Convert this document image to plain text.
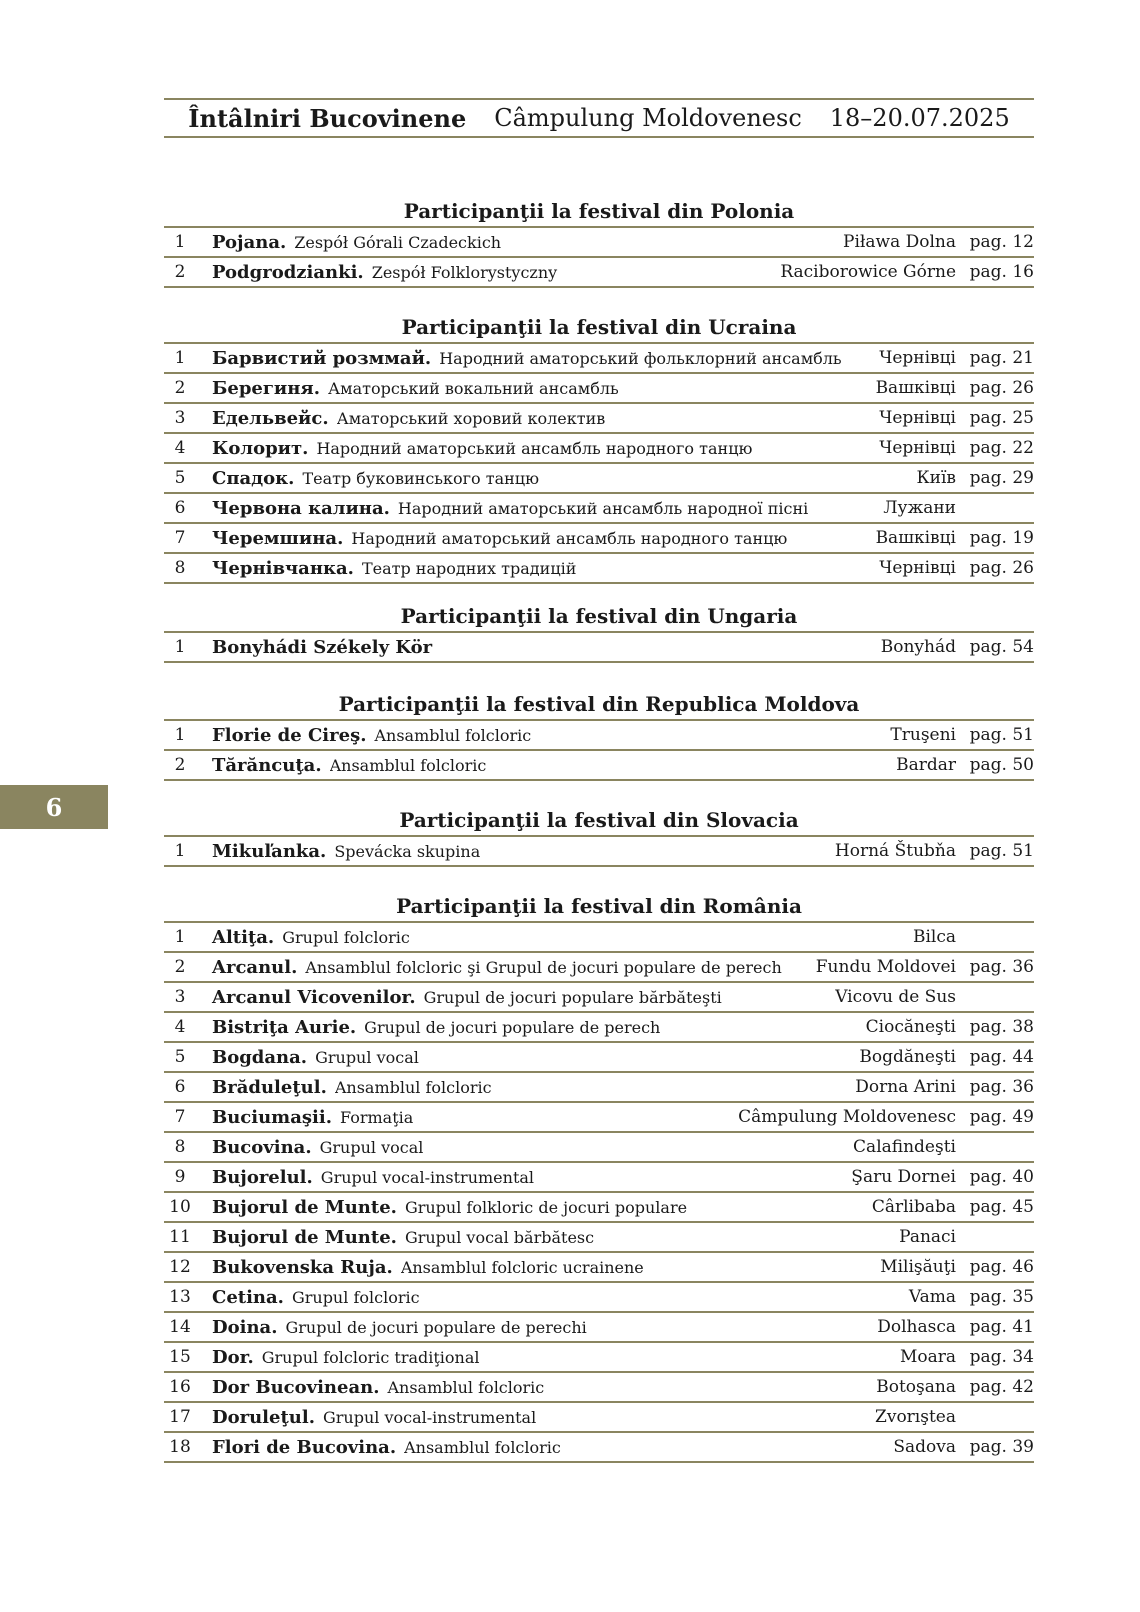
Întâlniri Bucovinene Câmpulung Moldovenesc 18–20.07.2025
6
Participanţii la festival din Polonia
1	Pojana. Zespół Górali Czadeckich	Piława Dolna pag. 12
2	Podgrodzianki. Zespół Folklorystyczny	Raciborowice Górne pag. 16
Participanţii la festival din Ucraina
1	Барвистий розммай. Народний аматорський фольклорний ансамбль	Чернівці pag. 21
2	Берегиня. Аматорський вокальний ансамбль	Вашківці pag. 26
3	Едельвейс. Аматорський хоровий колектив	Чернівці pag. 25
4	Колорит. Народний аматорський ансамбль народного танцю	Чернівці pag. 22
5	Спадок. Театр буковинського танцю	Київ pag. 29
6	Червона калина. Народний аматорський ансамбль народної пісні	Лужани
7	Черемшина. Народний аматорський ансамбль народного танцю	Вашківці pag. 19
8	Чернівчанка. Театр народних традицій	Чернівці pag. 26
Participanţii la festival din Ungaria
1	Bonyhádi Székely Kör	Bonyhád pag. 54
Participanţii la festival din Republica Moldova
1	Florie de Cireş. Ansamblul folcloric	Truşeni pag. 51
2	Tărăncuţa. Ansamblul folcloric	Bardar pag. 50
Participanţii la festival din Slovacia
1	Mikuľanka. Spevácka skupina	Horná Štubňa pag. 51
Participanţii la festival din România
1	Altiţa. Grupul folcloric	Bilca
2	Arcanul. Ansamblul folcloric şi Grupul de jocuri populare de perech	Fundu Moldovei pag. 36
3	Arcanul Vicovenilor. Grupul de jocuri populare bărbăteşti	Vicovu de Sus
4	Bistriţa Aurie. Grupul de jocuri populare de perech	Ciocăneşti pag. 38
5	Bogdana. Grupul vocal	Bogdăneşti pag. 44
6	Brăduleţul. Ansamblul folcloric	Dorna Arini pag. 36
7	Buciumaşii. Formaţia	Câmpulung Moldovenesc pag. 49
8	Bucovina. Grupul vocal	Calafindeşti
9	Bujorelul. Grupul vocal-instrumental	Şaru Dornei pag. 40
10 Bujorul de Munte. Grupul folkloric de jocuri populare	Cârlibaba pag. 45
11 Bujorul de Munte. Grupul vocal bărbătesc	Panaci
12 Bukovenska Ruja. Ansamblul folcloric ucrainene	Milişăuţi pag. 46
13 Cetina. Grupul folcloric	Vama pag. 35
14 Doina. Grupul de jocuri populare de perechi	Dolhasca pag. 41
15 Dor. Grupul folcloric tradiţional	Moara pag. 34
16 Dor Bucovinean. Ansamblul folcloric	Botoşana pag. 42
17 Doruleţul. Grupul vocal-instrumental	Zvorıştea
18 Flori de Bucovina. Ansamblul folcloric	Sadova pag. 39
